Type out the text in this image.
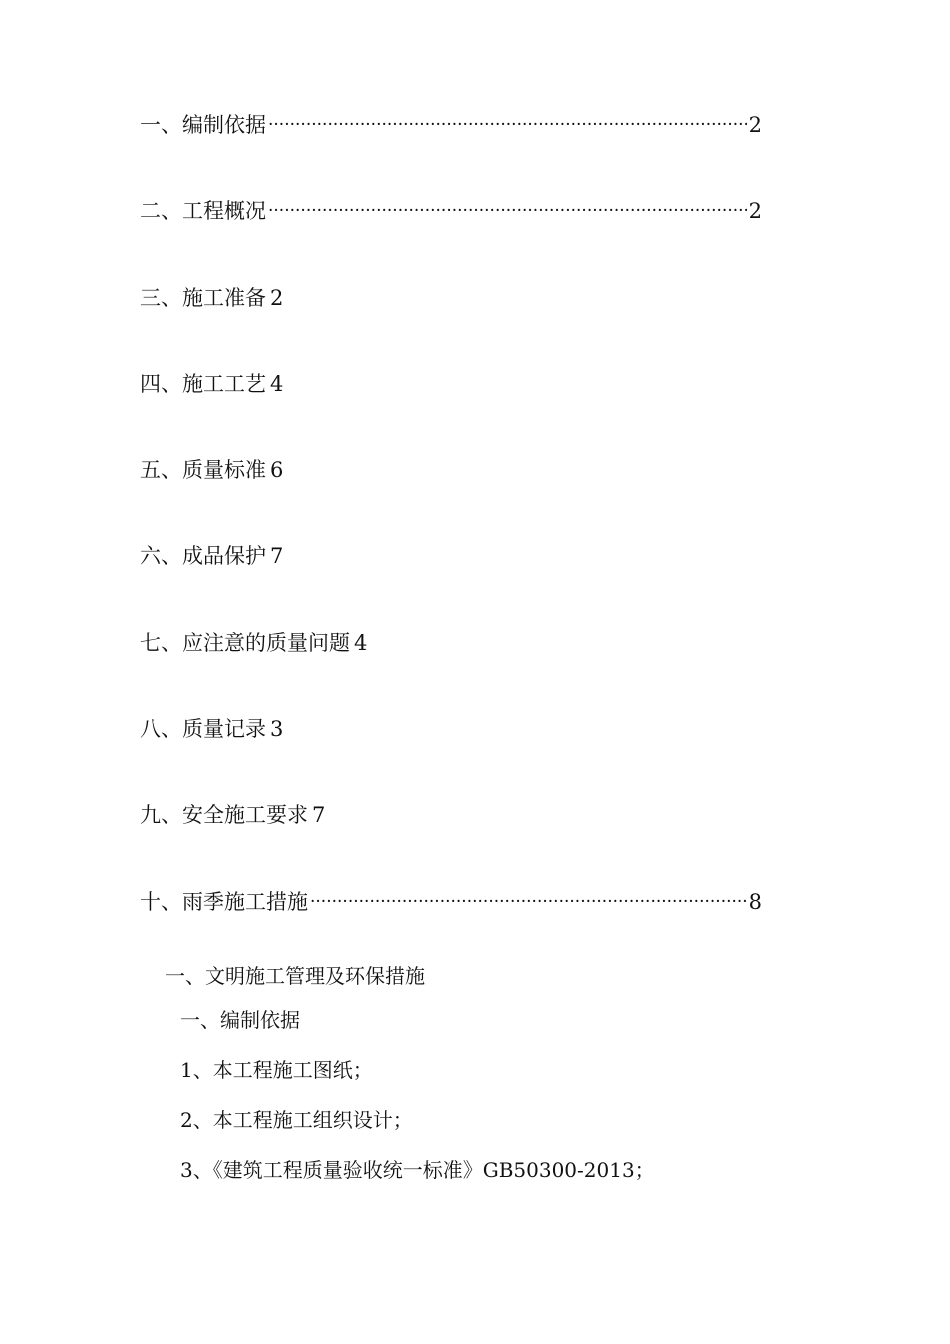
一、编制依据 ·····	2
二、工程概况 ·····	2
三、施工准备 2
四、施工工艺 4
五、质量标准 6
六、成品保护 7
七、应注意的质量问题 4
八、质量记录 3
九、安全施工要求 7
十、雨季施工措施 ·····	8
一、文明施工管理及环保措施
一、编制依据
1、本工程施工图纸；
2、本工程施工组织设计；
3、《建筑工程质量验收统一标准》GB50300-2013；
